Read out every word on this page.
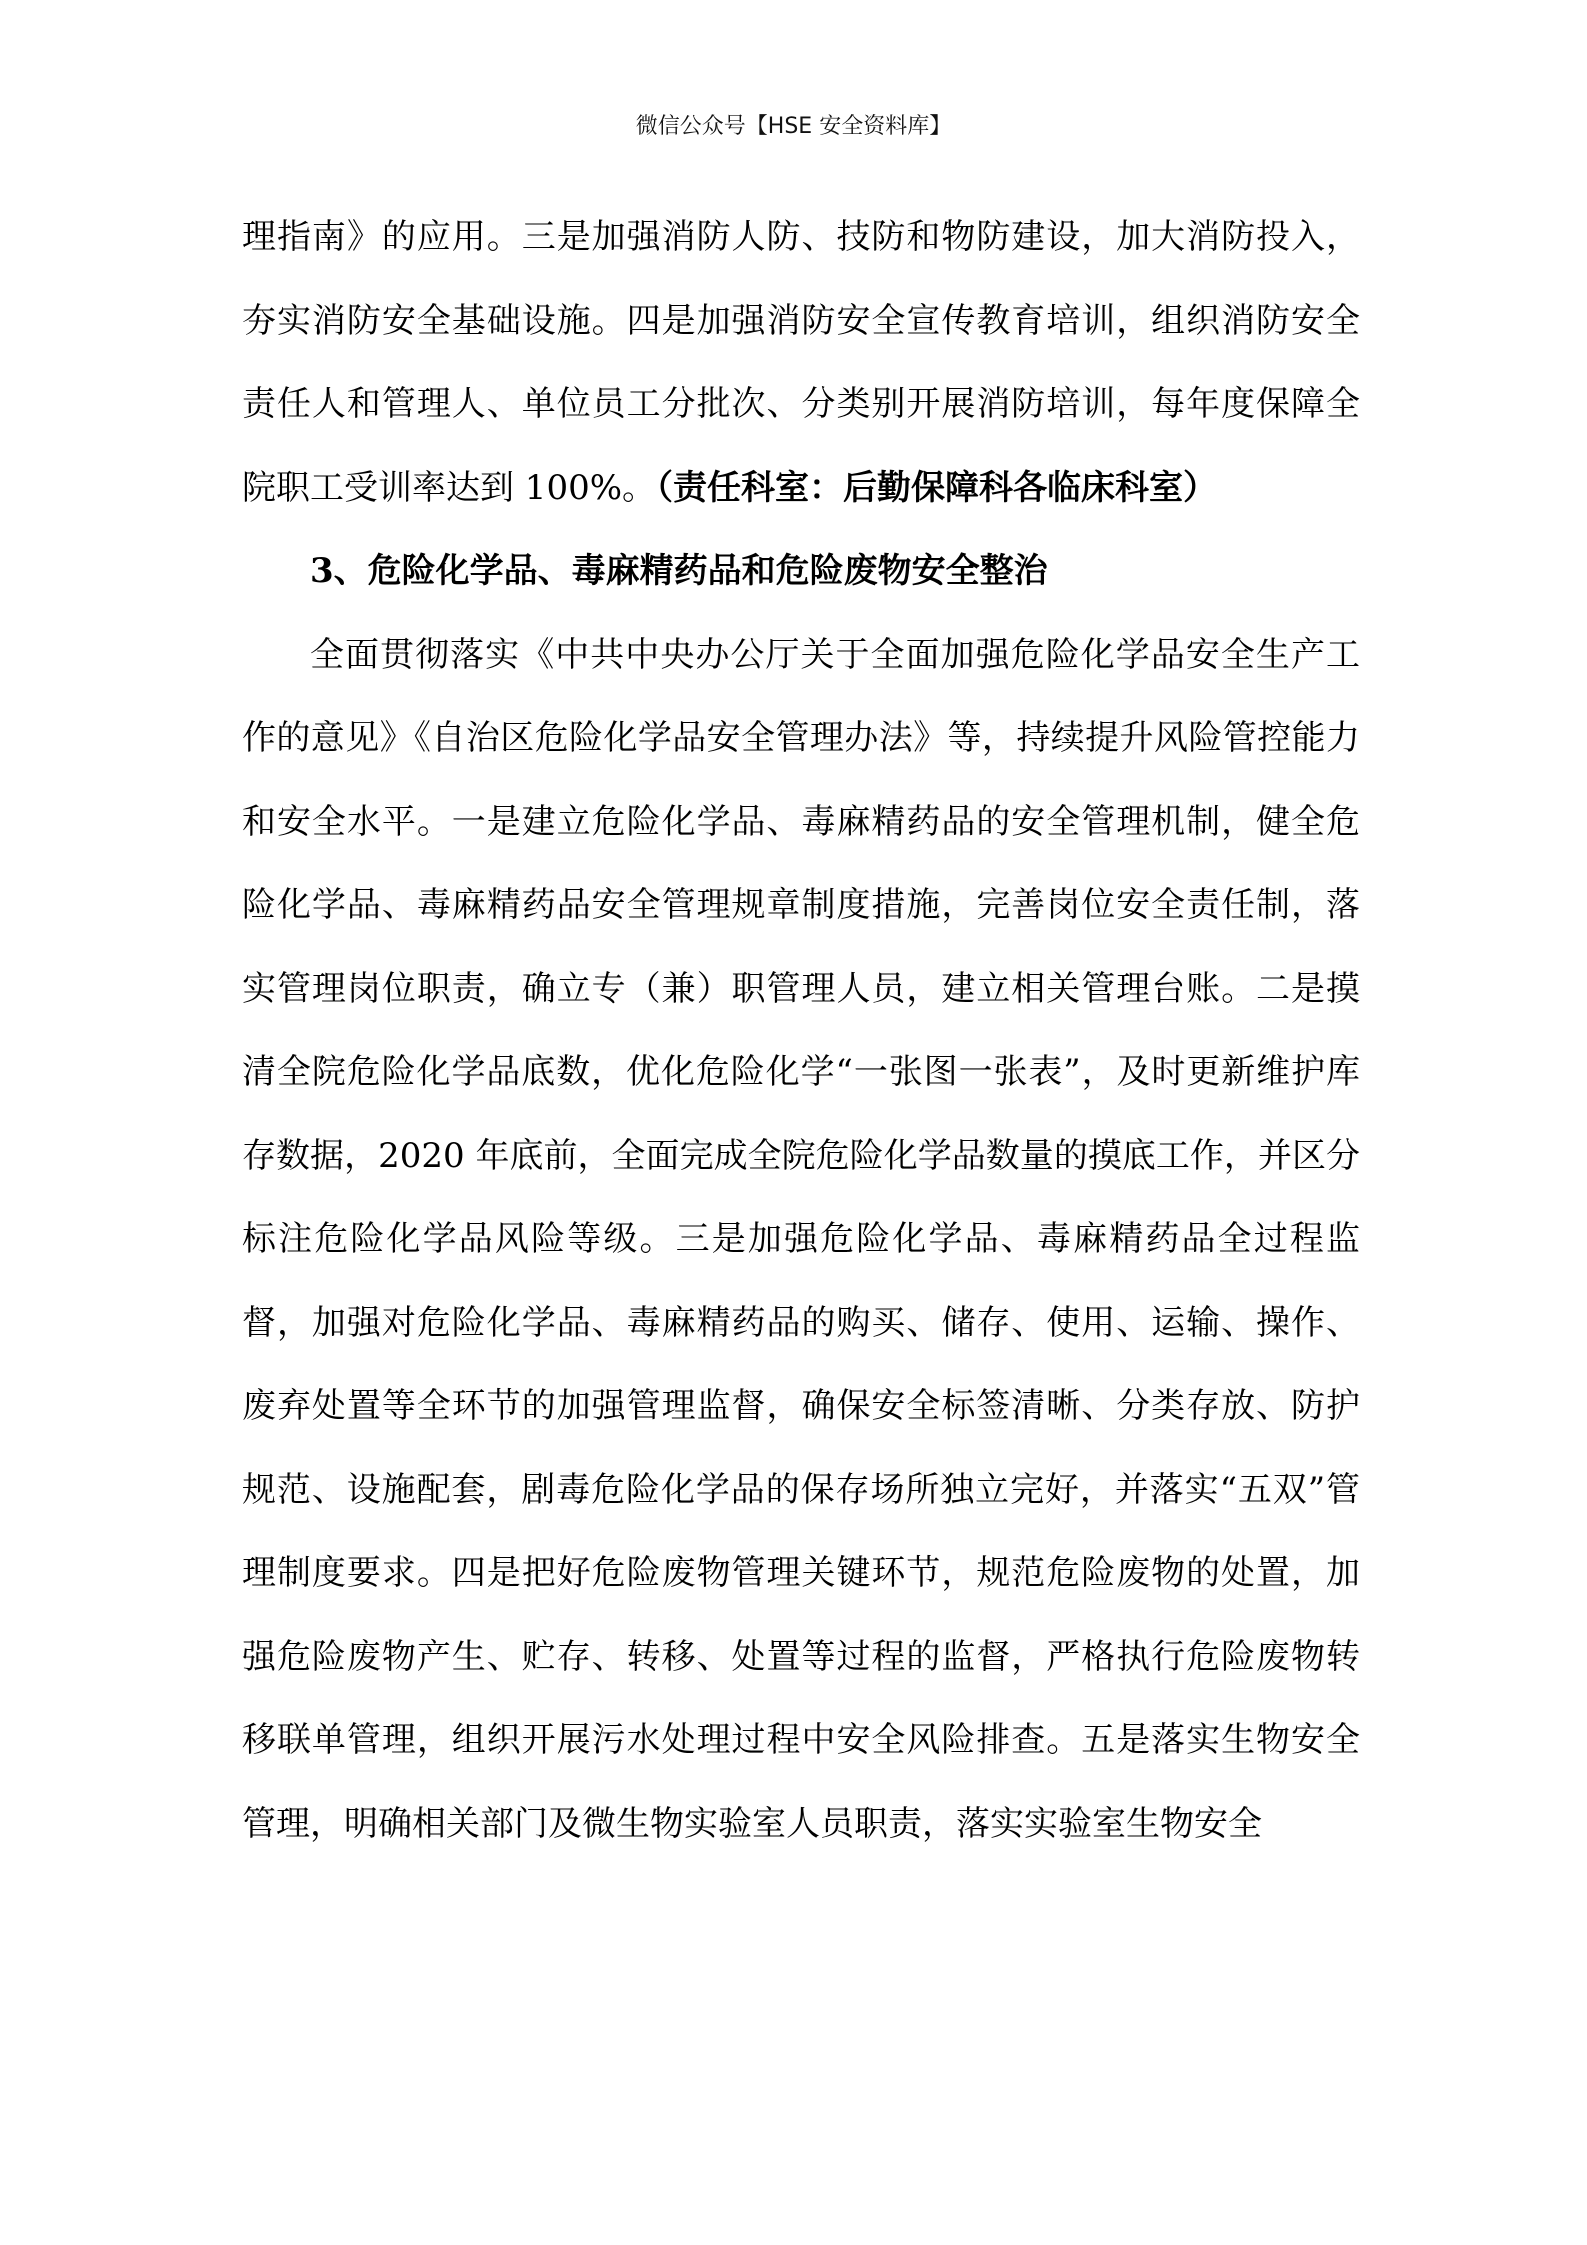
微信公众号【HSE 安全资料库】

理指南》的应用。三是加强消防人防、技防和物防建设，加大消防投入，夯实消防安全基础设施。四是加强消防安全宣传教育培训，组织消防安全责任人和管理人、单位员工分批次、分类别开展消防培训，每年度保障全院职工受训率达到 100%。（责任科室：后勤保障科各临床科室）

3、危险化学品、毒麻精药品和危险废物安全整治

全面贯彻落实《中共中央办公厅关于全面加强危险化学品安全生产工作的意见》《自治区危险化学品安全管理办法》等，持续提升风险管控能力和安全水平。一是建立危险化学品、毒麻精药品的安全管理机制，健全危险化学品、毒麻精药品安全管理规章制度措施，完善岗位安全责任制，落实管理岗位职责，确立专（兼）职管理人员，建立相关管理台账。二是摸清全院危险化学品底数，优化危险化学“一张图一张表”，及时更新维护库存数据，2020 年底前，全面完成全院危险化学品数量的摸底工作，并区分标注危险化学品风险等级。三是加强危险化学品、毒麻精药品全过程监督，加强对危险化学品、毒麻精药品的购买、储存、使用、运输、操作、废弃处置等全环节的加强管理监督，确保安全标签清晰、分类存放、防护规范、设施配套，剧毒危险化学品的保存场所独立完好，并落实“五双”管理制度要求。四是把好危险废物管理关键环节，规范危险废物的处置，加强危险废物产生、贮存、转移、处置等过程的监督，严格执行危险废物转移联单管理，组织开展污水处理过程中安全风险排查。五是落实生物安全管理，明确相关部门及微生物实验室人员职责，落实实验室生物安全
